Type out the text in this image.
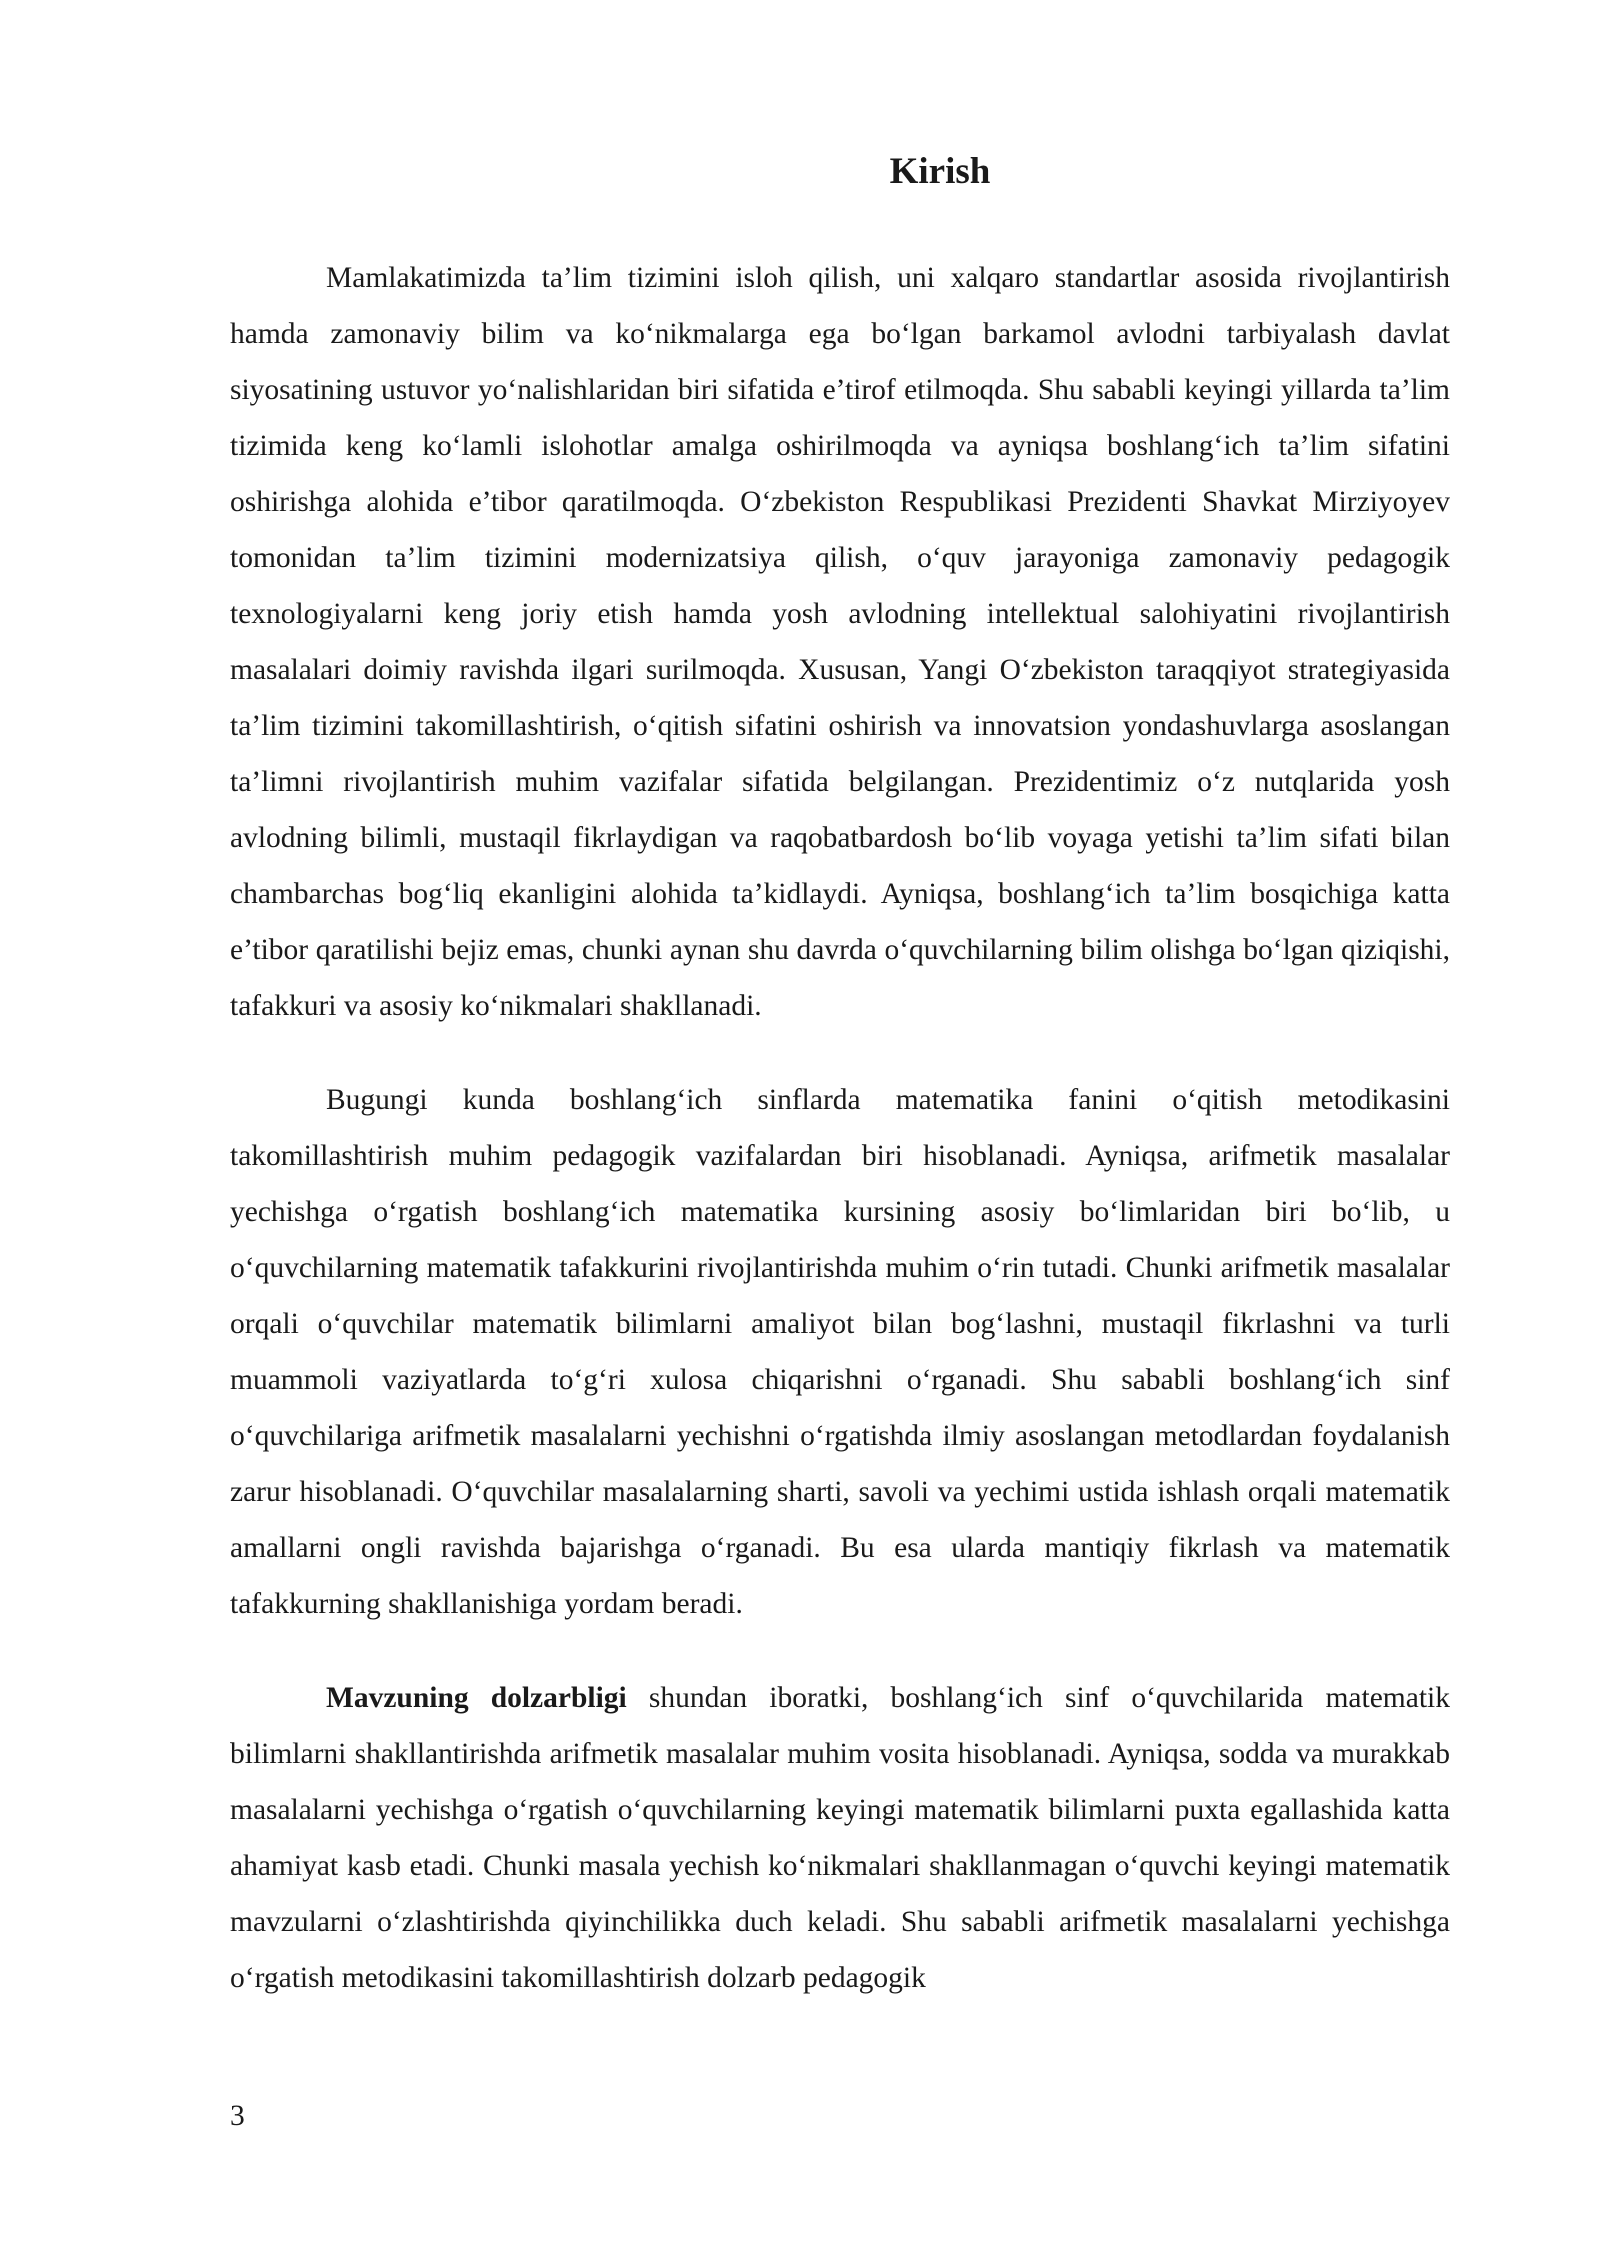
Kirish

Mamlakatimizda ta’lim tizimini isloh qilish, uni xalqaro standartlar asosida rivojlantirish hamda zamonaviy bilim va ko‘nikmalarga ega bo‘lgan barkamol avlodni tarbiyalash davlat siyosatining ustuvor yo‘nalishlaridan biri sifatida e’tirof etilmoqda. Shu sababli keyingi yillarda ta’lim tizimida keng ko‘lamli islohotlar amalga oshirilmoqda va ayniqsa boshlang‘ich ta’lim sifatini oshirishga alohida e’tibor qaratilmoqda. O‘zbekiston Respublikasi Prezidenti Shavkat Mirziyoyev tomonidan ta’lim tizimini modernizatsiya qilish, o‘quv jarayoniga zamonaviy pedagogik texnologiyalarni keng joriy etish hamda yosh avlodning intellektual salohiyatini rivojlantirish masalalari doimiy ravishda ilgari surilmoqda. Xususan, Yangi O‘zbekiston taraqqiyot strategiyasida ta’lim tizimini takomillashtirish, o‘qitish sifatini oshirish va innovatsion yondashuvlarga asoslangan ta’limni rivojlantirish muhim vazifalar sifatida belgilangan. Prezidentimiz o‘z nutqlarida yosh avlodning bilimli, mustaqil fikrlaydigan va raqobatbardosh bo‘lib voyaga yetishi ta’lim sifati bilan chambarchas bog‘liq ekanligini alohida ta’kidlaydi. Ayniqsa, boshlang‘ich ta’lim bosqichiga katta e’tibor qaratilishi bejiz emas, chunki aynan shu davrda o‘quvchilarning bilim olishga bo‘lgan qiziqishi, tafakkuri va asosiy ko‘nikmalari shakllanadi.

Bugungi kunda boshlang‘ich sinflarda matematika fanini o‘qitish metodikasini takomillashtirish muhim pedagogik vazifalardan biri hisoblanadi. Ayniqsa, arifmetik masalalar yechishga o‘rgatish boshlang‘ich matematika kursining asosiy bo‘limlaridan biri bo‘lib, u o‘quvchilarning matematik tafakkurini rivojlantirishda muhim o‘rin tutadi. Chunki arifmetik masalalar orqali o‘quvchilar matematik bilimlarni amaliyot bilan bog‘lashni, mustaqil fikrlashni va turli muammoli vaziyatlarda to‘g‘ri xulosa chiqarishni o‘rganadi. Shu sababli boshlang‘ich sinf o‘quvchilariga arifmetik masalalarni yechishni o‘rgatishda ilmiy asoslangan metodlardan foydalanish zarur hisoblanadi. O‘quvchilar masalalarning sharti, savoli va yechimi ustida ishlash orqali matematik amallarni ongli ravishda bajarishga o‘rganadi. Bu esa ularda mantiqiy fikrlash va matematik tafakkurning shakllanishiga yordam beradi.

Mavzuning dolzarbligi shundan iboratki, boshlang‘ich sinf o‘quvchilarida matematik bilimlarni shakllantirishda arifmetik masalalar muhim vosita hisoblanadi. Ayniqsa, sodda va murakkab masalalarni yechishga o‘rgatish o‘quvchilarning keyingi matematik bilimlarni puxta egallashida katta ahamiyat kasb etadi. Chunki masala yechish ko‘nikmalari shakllanmagan o‘quvchi keyingi matematik mavzularni o‘zlashtirishda qiyinchilikka duch keladi. Shu sababli arifmetik masalalarni yechishga o‘rgatish metodikasini takomillashtirish dolzarb pedagogik

3
